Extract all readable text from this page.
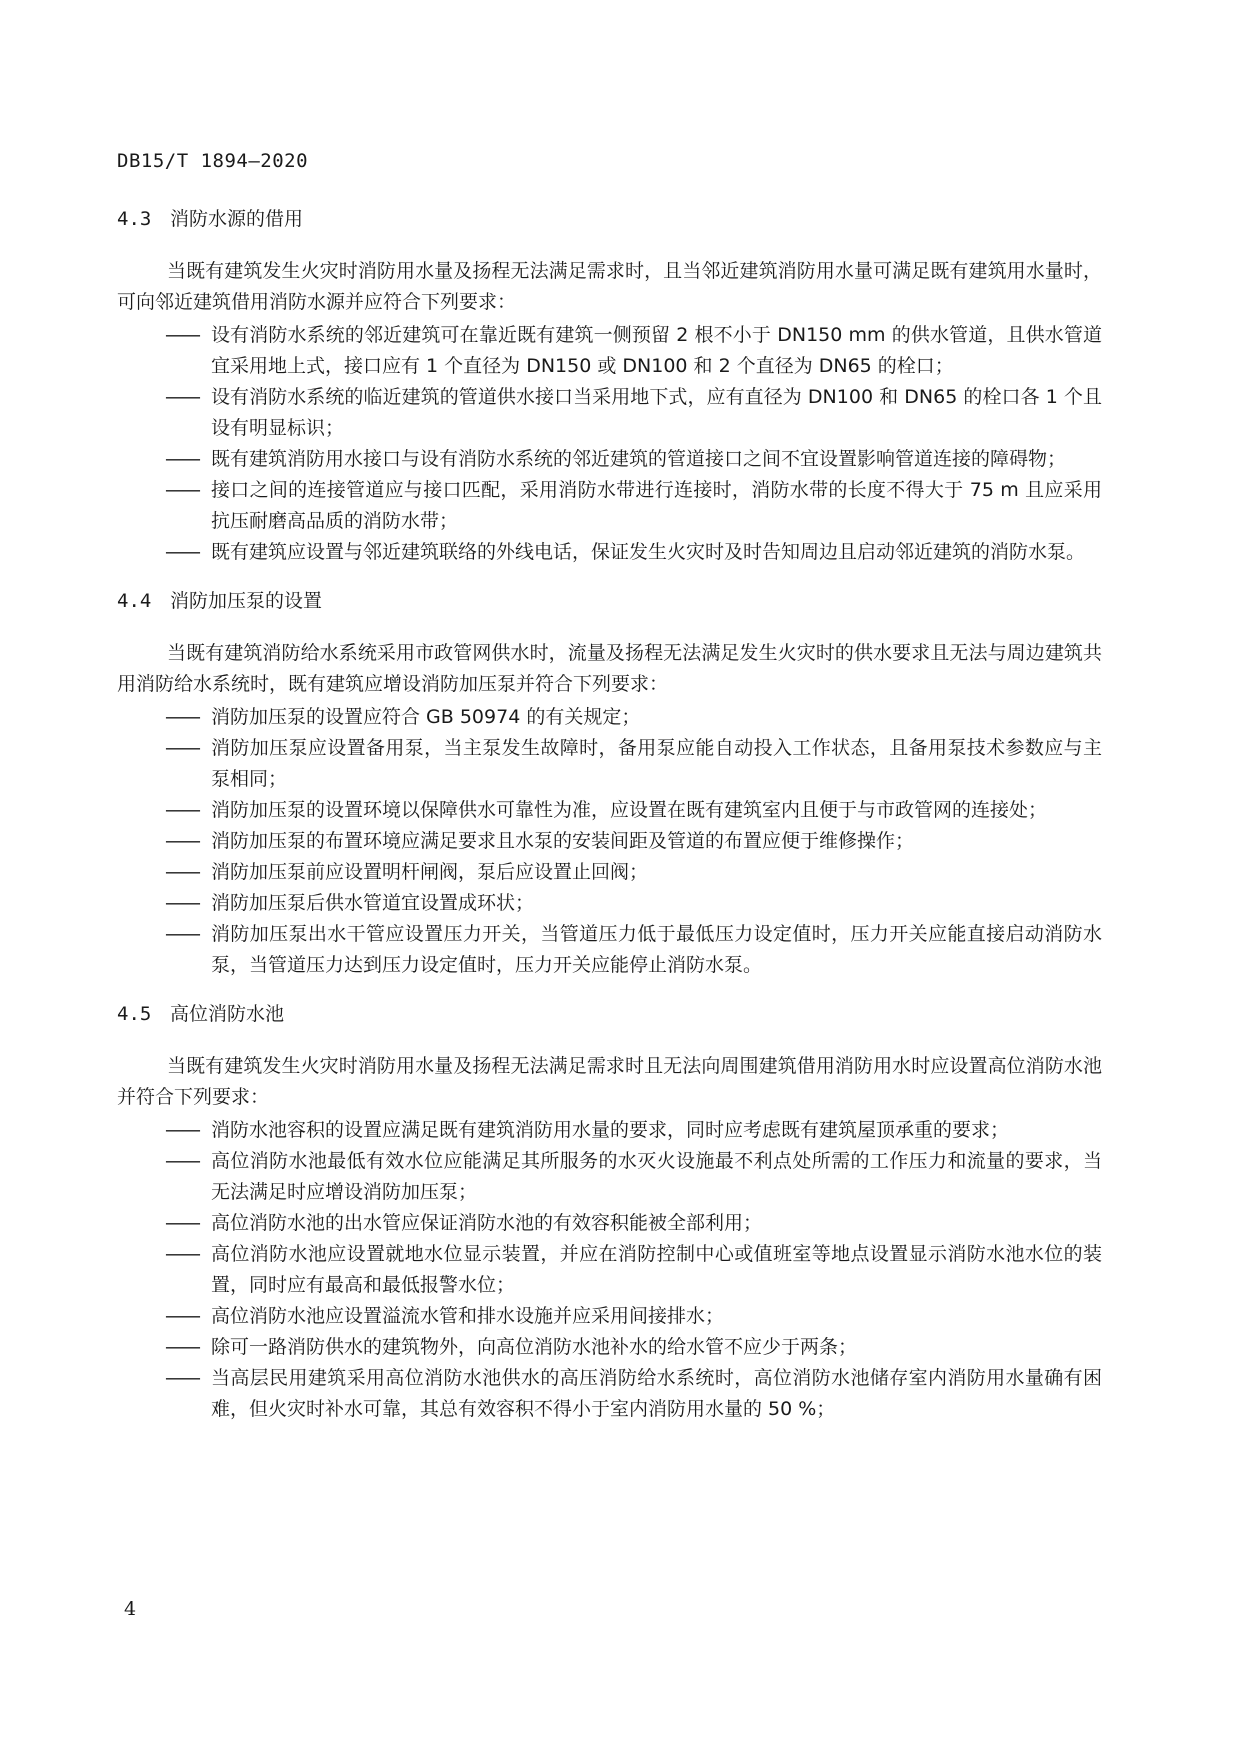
DB15/T 1894—2020
4.3 消防水源的借用
当既有建筑发生火灾时消防用水量及扬程无法满足需求时，且当邻近建筑消防用水量可满足既有建筑用水量时，可向邻近建筑借用消防水源并应符合下列要求：
—— 设有消防水系统的邻近建筑可在靠近既有建筑一侧预留 2 根不小于 DN150 mm 的供水管道，且供水管道宜采用地上式，接口应有 1 个直径为 DN150 或 DN100 和 2 个直径为 DN65 的栓口；
—— 设有消防水系统的临近建筑的管道供水接口当采用地下式，应有直径为 DN100 和 DN65 的栓口各 1 个且设有明显标识；
—— 既有建筑消防用水接口与设有消防水系统的邻近建筑的管道接口之间不宜设置影响管道连接的障碍物；
—— 接口之间的连接管道应与接口匹配，采用消防水带进行连接时，消防水带的长度不得大于 75 m 且应采用抗压耐磨高品质的消防水带；
—— 既有建筑应设置与邻近建筑联络的外线电话，保证发生火灾时及时告知周边且启动邻近建筑的消防水泵。
4.4 消防加压泵的设置
当既有建筑消防给水系统采用市政管网供水时，流量及扬程无法满足发生火灾时的供水要求且无法与周边建筑共用消防给水系统时，既有建筑应增设消防加压泵并符合下列要求：
—— 消防加压泵的设置应符合 GB 50974 的有关规定；
—— 消防加压泵应设置备用泵，当主泵发生故障时，备用泵应能自动投入工作状态，且备用泵技术参数应与主泵相同；
—— 消防加压泵的设置环境以保障供水可靠性为准，应设置在既有建筑室内且便于与市政管网的连接处；
—— 消防加压泵的布置环境应满足要求且水泵的安装间距及管道的布置应便于维修操作；
—— 消防加压泵前应设置明杆闸阀，泵后应设置止回阀；
—— 消防加压泵后供水管道宜设置成环状；
—— 消防加压泵出水干管应设置压力开关，当管道压力低于最低压力设定值时，压力开关应能直接启动消防水泵，当管道压力达到压力设定值时，压力开关应能停止消防水泵。
4.5 高位消防水池
当既有建筑发生火灾时消防用水量及扬程无法满足需求时且无法向周围建筑借用消防用水时应设置高位消防水池并符合下列要求：
—— 消防水池容积的设置应满足既有建筑消防用水量的要求，同时应考虑既有建筑屋顶承重的要求；
—— 高位消防水池最低有效水位应能满足其所服务的水灭火设施最不利点处所需的工作压力和流量的要求，当无法满足时应增设消防加压泵；
—— 高位消防水池的出水管应保证消防水池的有效容积能被全部利用；
—— 高位消防水池应设置就地水位显示装置，并应在消防控制中心或值班室等地点设置显示消防水池水位的装置，同时应有最高和最低报警水位；
—— 高位消防水池应设置溢流水管和排水设施并应采用间接排水；
—— 除可一路消防供水的建筑物外，向高位消防水池补水的给水管不应少于两条；
—— 当高层民用建筑采用高位消防水池供水的高压消防给水系统时，高位消防水池储存室内消防用水量确有困难，但火灾时补水可靠，其总有效容积不得小于室内消防用水量的 50 %；
4
